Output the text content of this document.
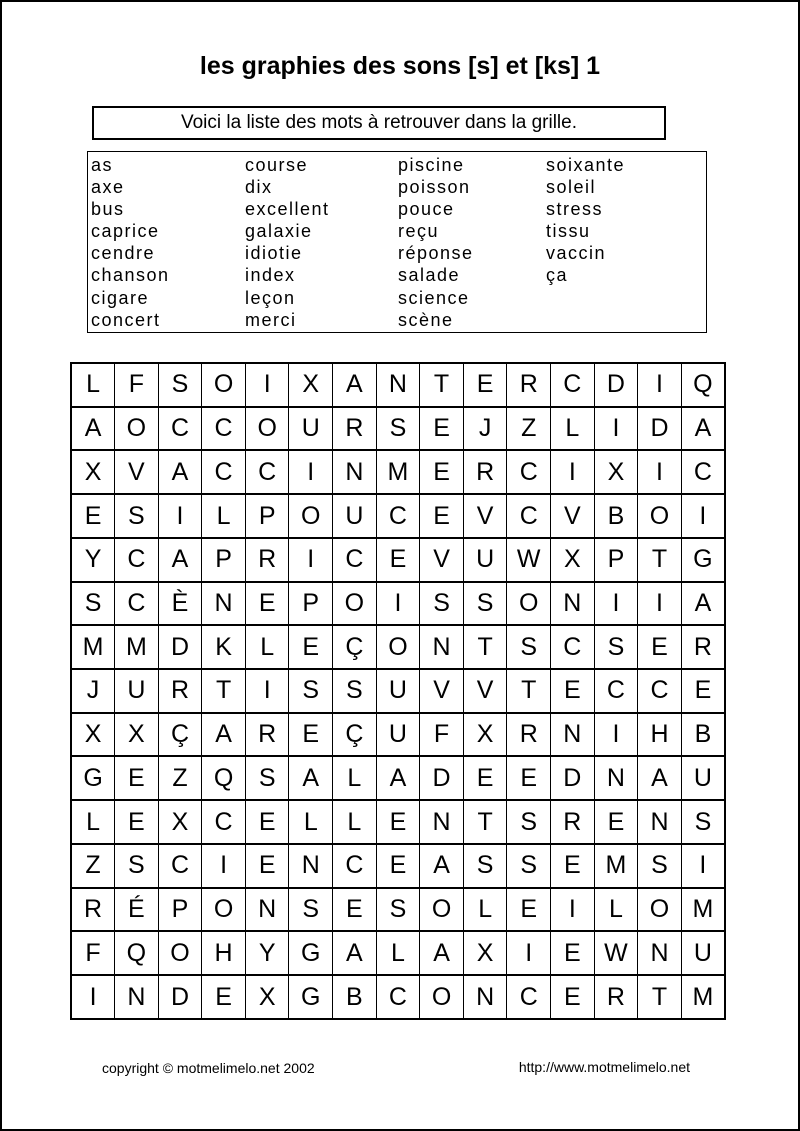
les graphies des sons [s] et [ks] 1
Voici la liste des mots à retrouver dans la grille.
as
axe
bus
caprice
cendre
chanson
cigare
concert
course
dix
excellent
galaxie
idiotie
index
leçon
merci
piscine
poisson
pouce
reçu
réponse
salade
science
scène
soixante
soleil
stress
tissu
vaccin
ça
L	F	S	O	I	X	A	N	T	E	R	C	D	I	Q
A	O	C	C	O	U	R	S	E	J	Z	L	I	D	A
X	V	A	C	C	I	N	M	E	R	C	I	X	I	C
E	S	I	L	P	O	U	C	E	V	C	V	B	O	I
Y	C	A	P	R	I	C	E	V	U	W	X	P	T	G
S	C	È	N	E	P	O	I	S	S	O	N	I	I	A
M	M	D	K	L	E	Ç	O	N	T	S	C	S	E	R
J	U	R	T	I	S	S	U	V	V	T	E	C	C	E
X	X	Ç	A	R	E	Ç	U	F	X	R	N	I	H	B
G	E	Z	Q	S	A	L	A	D	E	E	D	N	A	U
L	E	X	C	E	L	L	E	N	T	S	R	E	N	S
Z	S	C	I	E	N	C	E	A	S	S	E	M	S	I
R	É	P	O	N	S	E	S	O	L	E	I	L	O	M
F	Q	O	H	Y	G	A	L	A	X	I	E	W	N	U
I	N	D	E	X	G	B	C	O	N	C	E	R	T	M
copyright © motmelimelo.net 2002	http://www.motmelimelo.net
